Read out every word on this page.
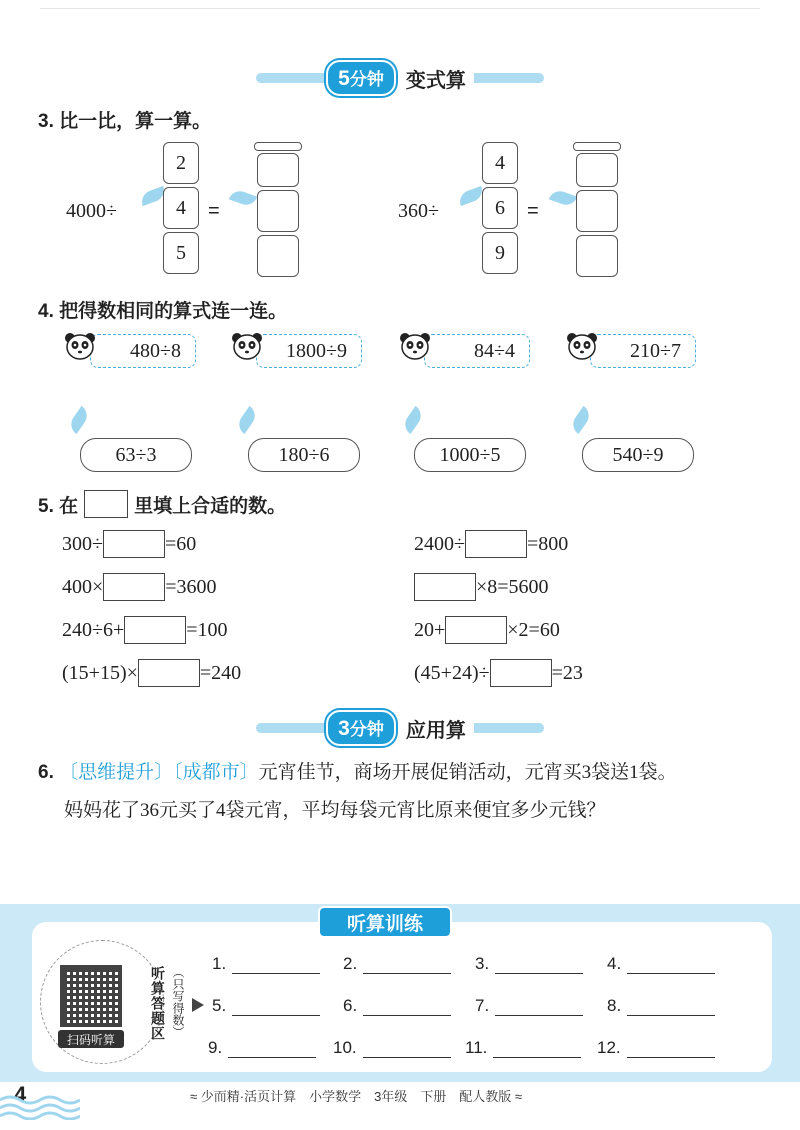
5分钟	变式算
3. 比一比，算一算。
4000÷
2
4
5
=	360÷
4
6
9
=
4. 把得数相同的算式连一连。
480÷8	1800÷9	84÷4	210÷7
63÷3	180÷6	1000÷5	540÷9
5. 在	里填上合适的数。
300÷	=60	2400÷	=800
400×	=3600	×8=5600
240÷6+	=100	20+	×2=60
(15+15)×	=240	(45+24)÷	=23
3分钟	应用算
6. 〔思维提升〕〔成都市〕元宵佳节，商场开展促销活动，元宵买3袋送1袋。
妈妈花了36元买了4袋元宵，平均每袋元宵比原来便宜多少元钱？
听算训练
扫码听算	听算答题区 （只写得数）
1.	2.	3.	4.
5.	6.	7.	8.
9.	10.	11.	12.
4	≈ 少而精·活页计算　小学数学　3年级　下册　配人教版 ≈
